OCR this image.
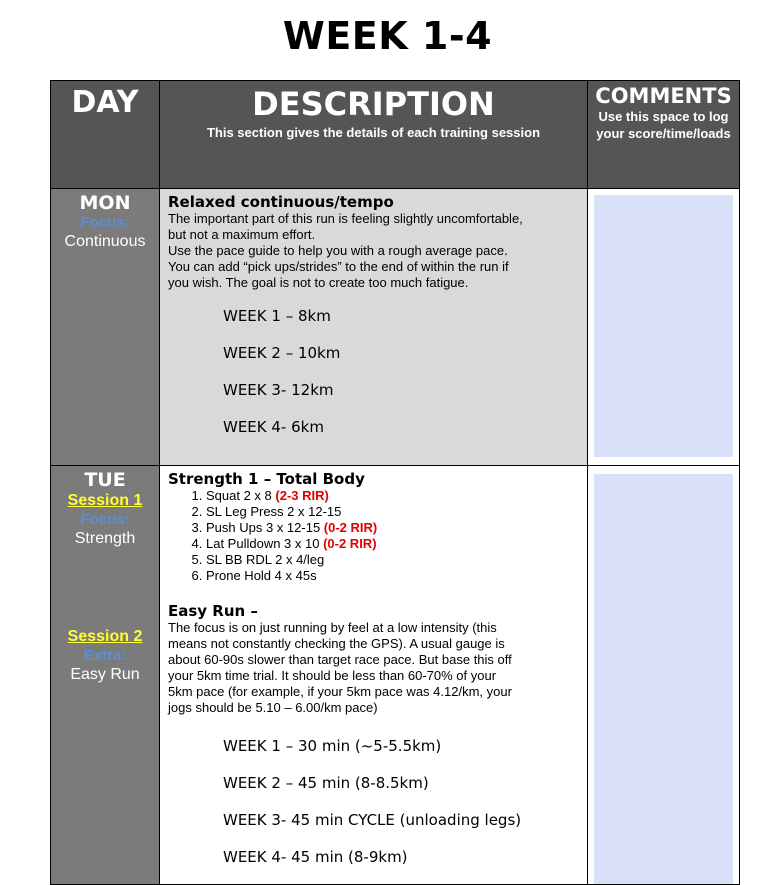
WEEK 1-4
DAY	DESCRIPTION
This section gives the details of each training session
COMMENTS
Use this space to log your score/time/loads
MON
Focus:
Continuous
Relaxed continuous/tempo
The important part of this run is feeling slightly uncomfortable,
but not a maximum effort.
Use the pace guide to help you with a rough average pace.
You can add “pick ups/strides” to the end of within the run if
you wish. The goal is not to create too much fatigue.
WEEK 1 – 8km
WEEK 2 – 10km
WEEK 3- 12km
WEEK 4- 6km
TUE
Session 1
Focus:
Strength
Session 2
Extra:
Easy Run
Strength 1 – Total Body
1. Squat 2 x 8 (2-3 RIR)
2. SL Leg Press 2 x 12-15
3. Push Ups 3 x 12-15 (0-2 RIR)
4. Lat Pulldown 3 x 10 (0-2 RIR)
5. SL BB RDL 2 x 4/leg
6. Prone Hold 4 x 45s
Easy Run –
The focus is on just running by feel at a low intensity (this
means not constantly checking the GPS). A usual gauge is
about 60-90s slower than target race pace. But base this off
your 5km time trial. It should be less than 60-70% of your
5km pace (for example, if your 5km pace was 4.12/km, your
jogs should be 5.10 – 6.00/km pace)
WEEK 1 – 30 min (~5-5.5km)
WEEK 2 – 45 min (8-8.5km)
WEEK 3- 45 min CYCLE (unloading legs)
WEEK 4- 45 min (8-9km)
